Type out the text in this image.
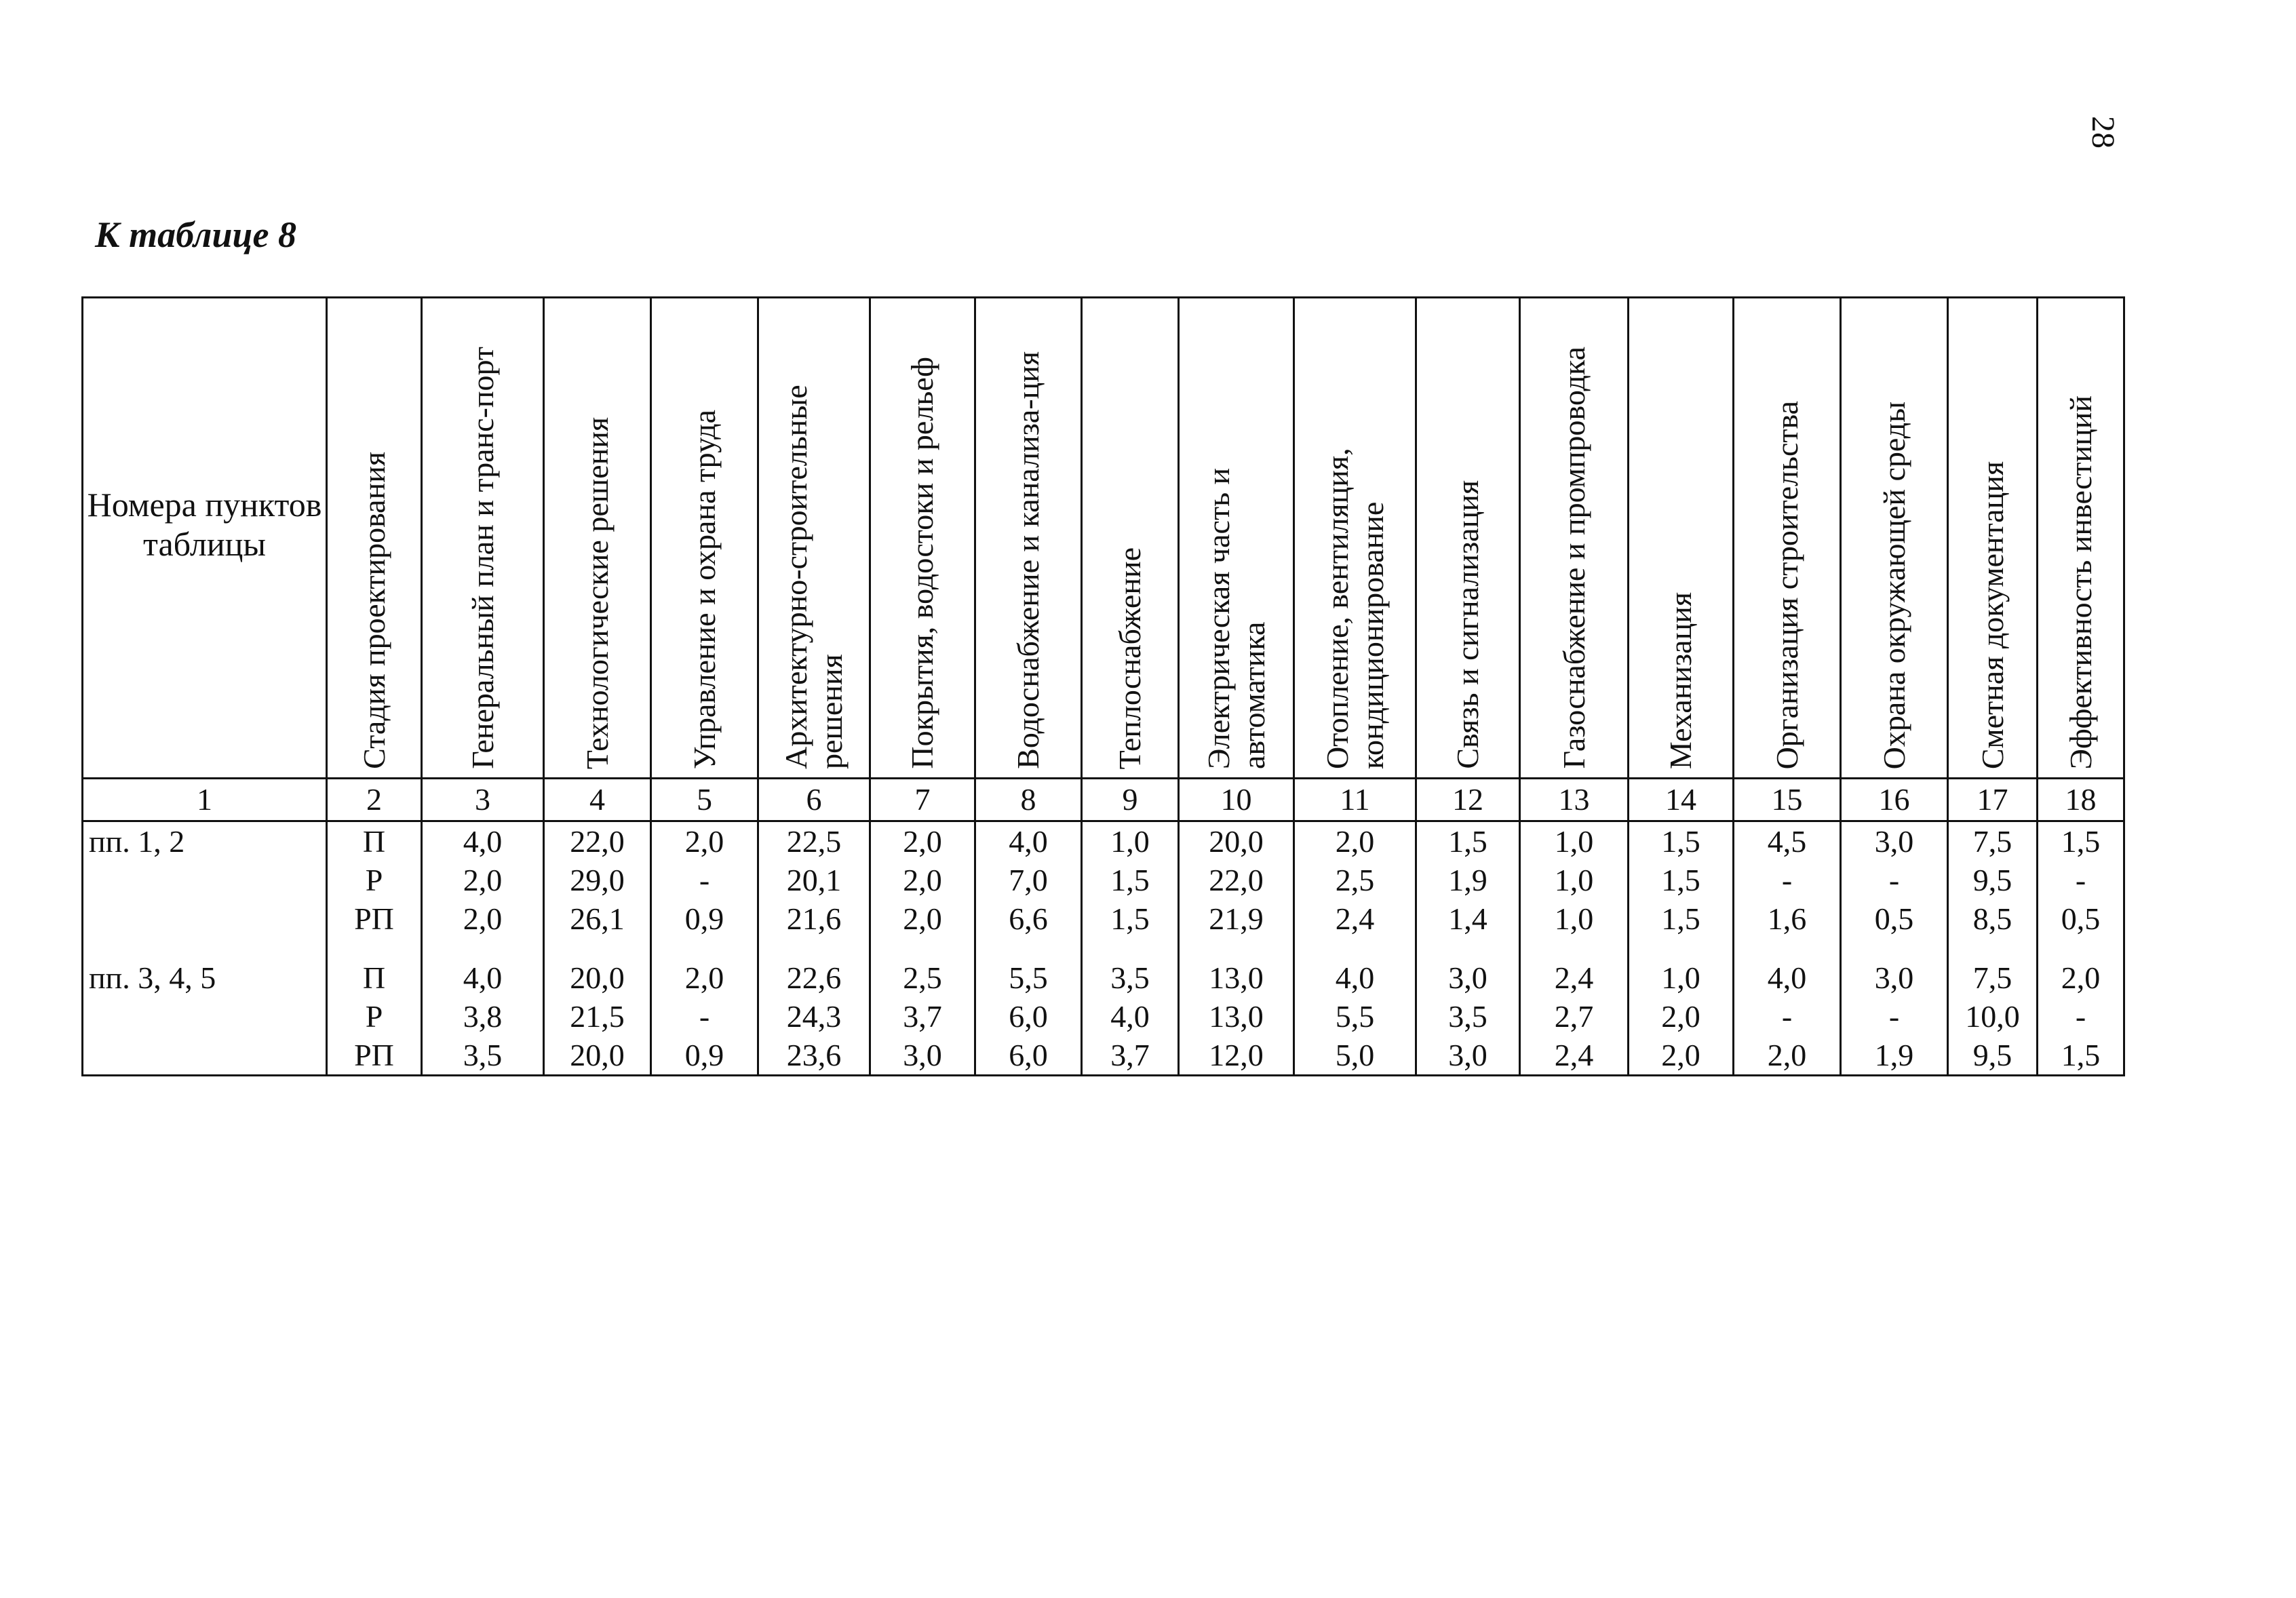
28
К таблице 8
Номера пунктов таблицы	Стадия проектирования	Генеральный план и транс-порт	Технологические решения	Управление и охрана труда	Архитектурно-строительные решения	Покрытия, водостоки и рельеф	Водоснабжение и канализа-ция	Теплоснабжение	Электрическая часть и автоматика	Отопление, вентиляция, кондиционирование	Связь и сигнализация	Газоснабжение и промпроводка	Механизация	Организация строительства	Охрана окружающей среды	Сметная документация	Эффективность инвестиций
1	2	3	4	5	6	7	8	9	10	11	12	13	14	15	16	17	18
пп. 1, 2	П	4,0	22,0	2,0	22,5	2,0	4,0	1,0	20,0	2,0	1,5	1,0	1,5	4,5	3,0	7,5	1,5
	Р	2,0	29,0	-	20,1	2,0	7,0	1,5	22,0	2,5	1,9	1,0	1,5	-	-	9,5	-
	РП	2,0	26,1	0,9	21,6	2,0	6,6	1,5	21,9	2,4	1,4	1,0	1,5	1,6	0,5	8,5	0,5

пп. 3, 4, 5	П	4,0	20,0	2,0	22,6	2,5	5,5	3,5	13,0	4,0	3,0	2,4	1,0	4,0	3,0	7,5	2,0
	Р	3,8	21,5	-	24,3	3,7	6,0	4,0	13,0	5,5	3,5	2,7	2,0	-	-	10,0	-
	РП	3,5	20,0	0,9	23,6	3,0	6,0	3,7	12,0	5,0	3,0	2,4	2,0	2,0	1,9	9,5	1,5
